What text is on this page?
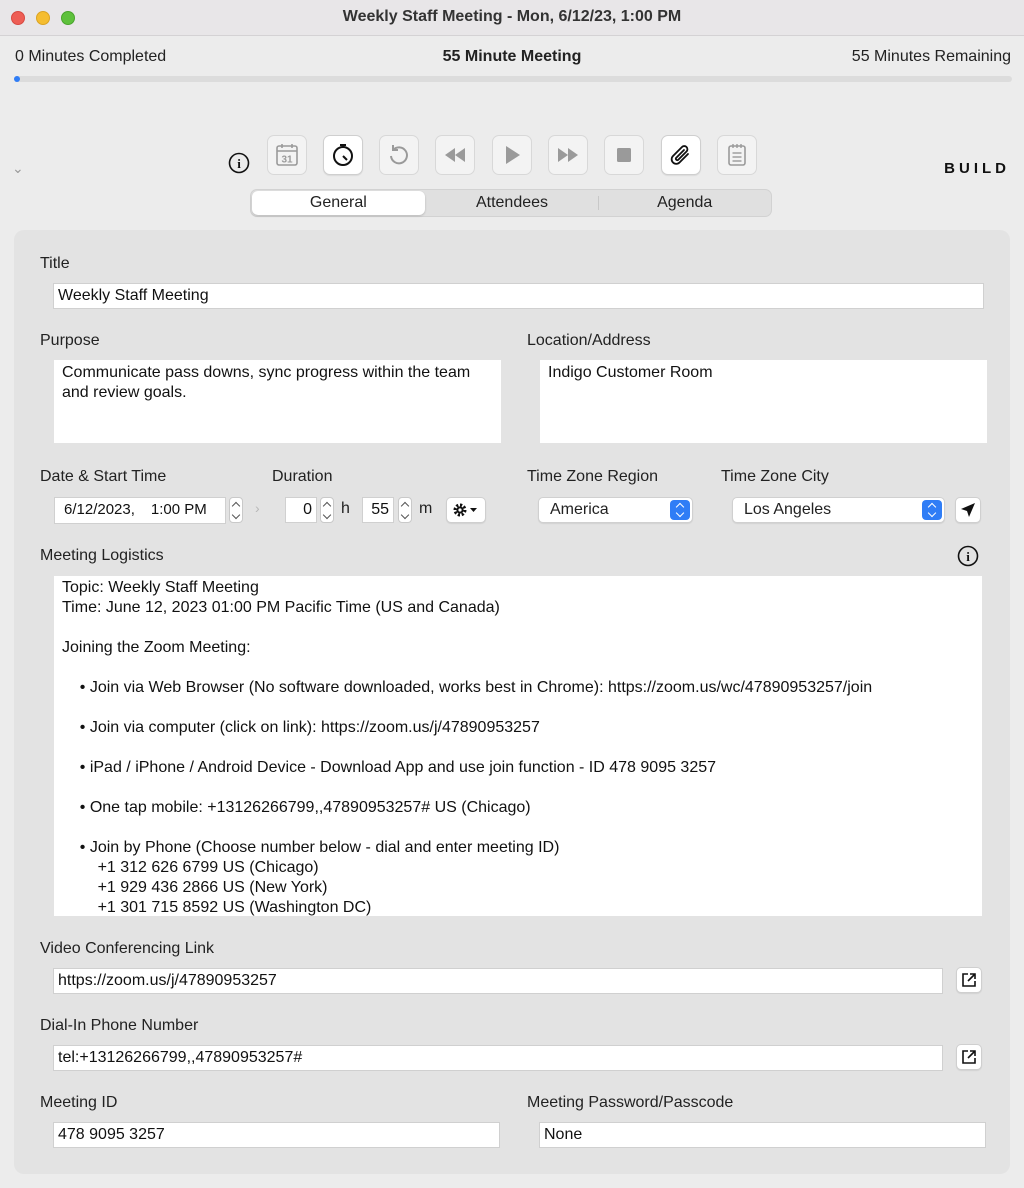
Weekly Staff Meeting - Mon, 6/12/23, 1:00 PM
0 Minutes Completed	55 Minute Meeting	55 Minutes Remaining
⌄	i	31	BUILD
General	Attendees	Agenda
Title
Weekly Staff Meeting
Purpose
Communicate pass downs, sync progress within the team and review goals.
Location/Address
Indigo Customer Room
Date & Start Time	Duration	Time Zone Region	Time Zone City
6/12/2023, 1:00 PM	›	0	h	55	m	America	Los Angeles
Meeting Logistics	i
Topic: Weekly Staff Meeting
Time: June 12, 2023 01:00 PM Pacific Time (US and Canada)

Joining the Zoom Meeting:

• Join via Web Browser (No software downloaded, works best in Chrome): https://zoom.us/wc/47890953257/join

• Join via computer (click on link): https://zoom.us/j/47890953257

• iPad / iPhone / Android Device - Download App and use join function - ID 478 9095 3257

• One tap mobile: +13126266799,,47890953257# US (Chicago)

• Join by Phone (Choose number below - dial and enter meeting ID)
+1 312 626 6799 US (Chicago)
+1 929 436 2866 US (New York)
+1 301 715 8592 US (Washington DC)
Video Conferencing Link
https://zoom.us/j/47890953257
Dial-In Phone Number
tel:+13126266799,,47890953257#
Meeting ID
478 9095 3257
Meeting Password/Passcode
None
